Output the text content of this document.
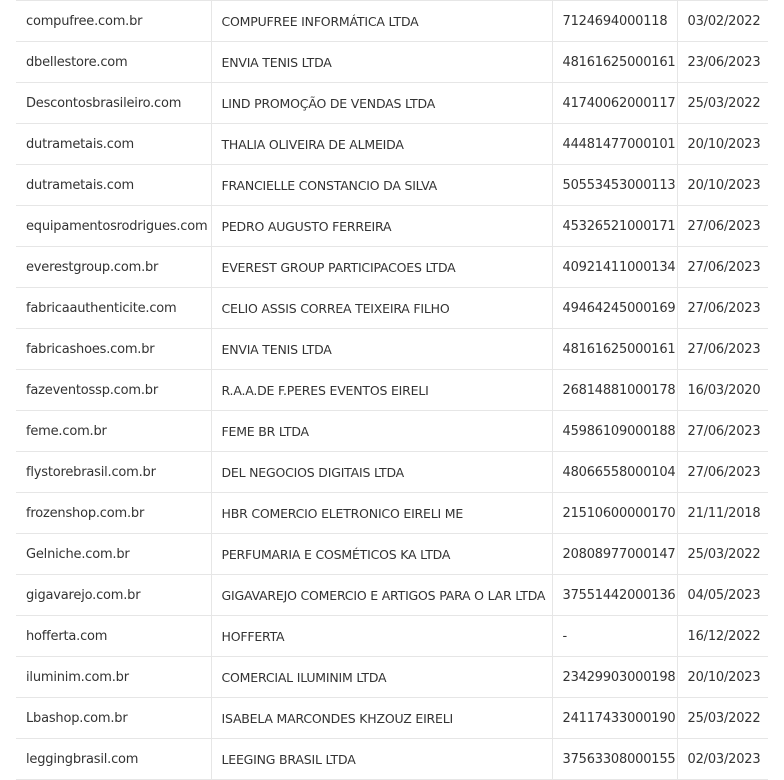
compufree.com.br	COMPUFREE INFORMÁTICA LTDA	7124694000118	03/02/2022
dbellestore.com	ENVIA TENIS LTDA	48161625000161	23/06/2023
Descontosbrasileiro.com	LIND PROMOÇÃO DE VENDAS LTDA	41740062000117	25/03/2022
dutrametais.com	THALIA OLIVEIRA DE ALMEIDA	44481477000101	20/10/2023
dutrametais.com	FRANCIELLE CONSTANCIO DA SILVA	50553453000113	20/10/2023
equipamentosrodrigues.com	PEDRO AUGUSTO FERREIRA	45326521000171	27/06/2023
everestgroup.com.br	EVEREST GROUP PARTICIPACOES LTDA	40921411000134	27/06/2023
fabricaauthenticite.com	CELIO ASSIS CORREA TEIXEIRA FILHO	49464245000169	27/06/2023
fabricashoes.com.br	ENVIA TENIS LTDA	48161625000161	27/06/2023
fazeventossp.com.br	R.A.A.DE F.PERES EVENTOS EIRELI	26814881000178	16/03/2020
feme.com.br	FEME BR LTDA	45986109000188	27/06/2023
flystorebrasil.com.br	DEL NEGOCIOS DIGITAIS LTDA	48066558000104	27/06/2023
frozenshop.com.br	HBR COMERCIO ELETRONICO EIRELI ME	21510600000170	21/11/2018
Gelniche.com.br	PERFUMARIA E COSMÉTICOS KA LTDA	20808977000147	25/03/2022
gigavarejo.com.br	GIGAVAREJO COMERCIO E ARTIGOS PARA O LAR LTDA	37551442000136	04/05/2023
hofferta.com	HOFFERTA	-	16/12/2022
iluminim.com.br	COMERCIAL ILUMINIM LTDA	23429903000198	20/10/2023
Lbashop.com.br	ISABELA MARCONDES KHZOUZ EIRELI	24117433000190	25/03/2022
leggingbrasil.com	LEEGING BRASIL LTDA	37563308000155	02/03/2023
